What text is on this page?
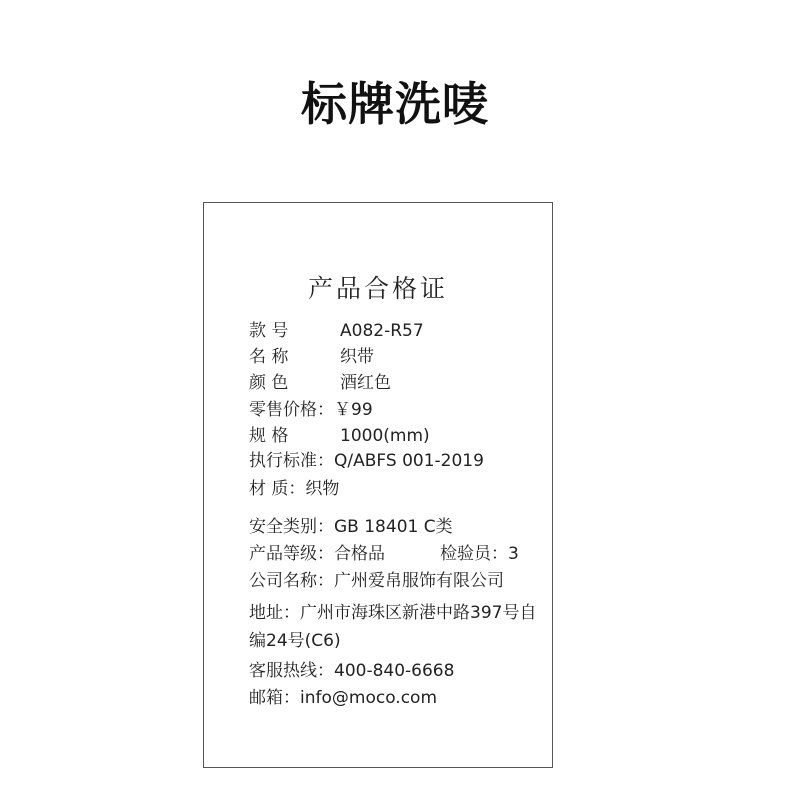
标牌洗唛
产品合格证
款 号	A082-R57
名 称	织带
颜 色	酒红色
零售价格：￥99
规 格	1000(mm)
执行标准：Q/ABFS 001-2019
材 质：织物
安全类别：GB 18401 C类
产品等级：合格品	检验员：3
公司名称：广州爱帛服饰有限公司
地址：广州市海珠区新港中路397号自编24号(C6)
客服热线：400-840-6668
邮箱：info@moco.com
